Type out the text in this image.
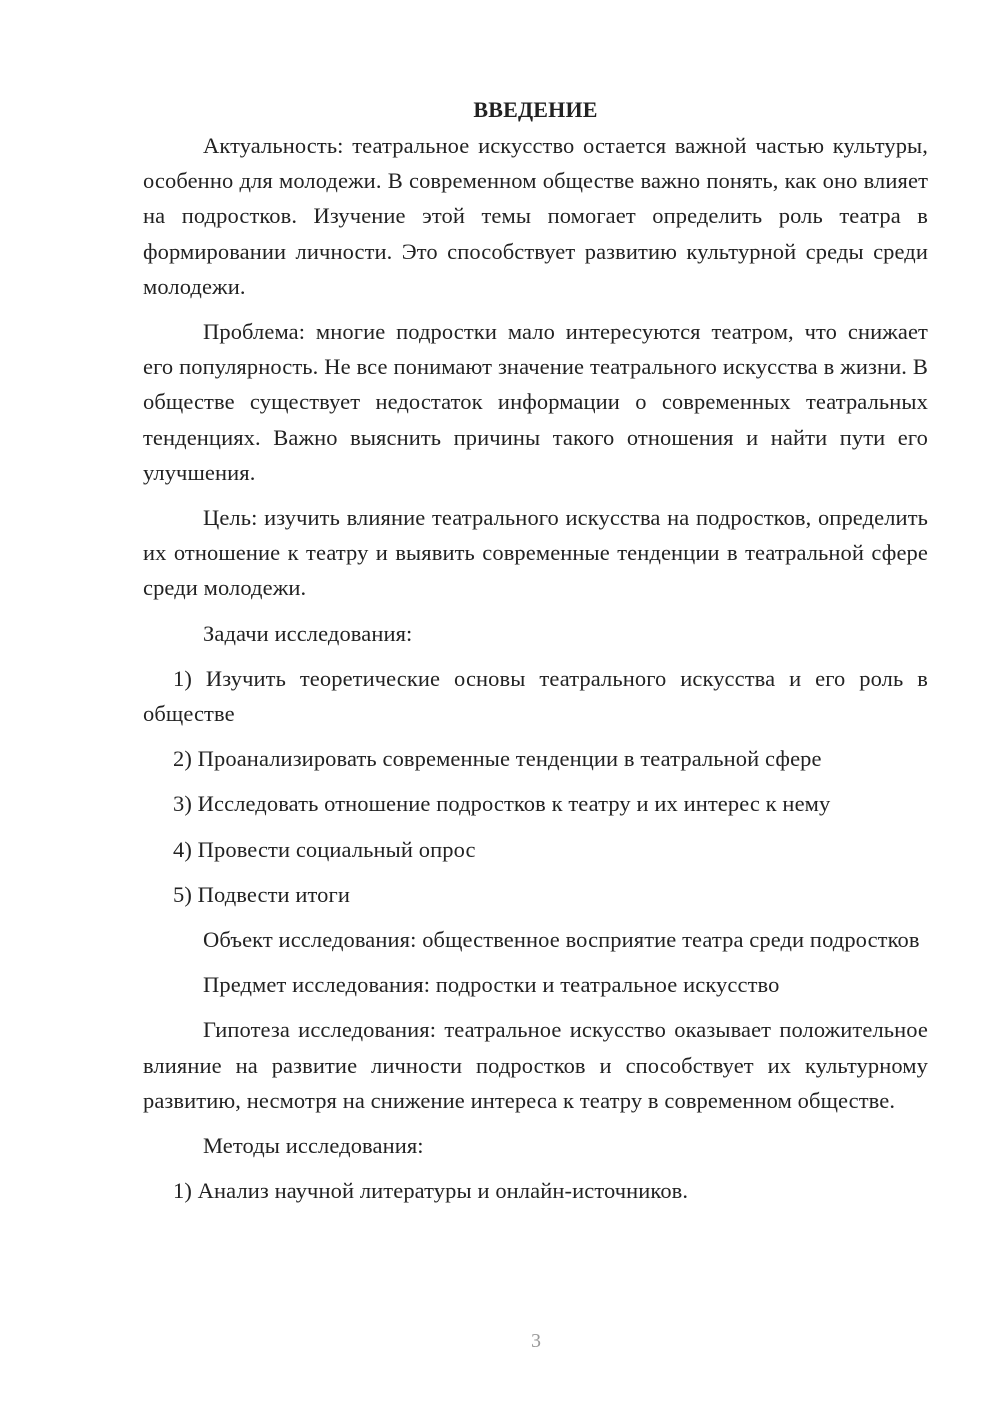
ВВЕДЕНИЕ

Актуальность: театральное искусство остается важной частью культуры, особенно для молодежи. В современном обществе важно понять, как оно влияет на подростков. Изучение этой темы помогает определить роль театра в формировании личности. Это способствует развитию культурной среды среди молодежи.

Проблема: многие подростки мало интересуются театром, что снижает его популярность. Не все понимают значение театрального искусства в жизни. В обществе существует недостаток информации о современных театральных тенденциях. Важно выяснить причины такого отношения и найти пути его улучшения.

Цель: изучить влияние театрального искусства на подростков, определить их отношение к театру и выявить современные тенденции в театральной сфере среди молодежи.

Задачи исследования:

1) Изучить теоретические основы театрального искусства и его роль в обществе

2) Проанализировать современные тенденции в театральной сфере

3) Исследовать отношение подростков к театру и их интерес к нему

4) Провести социальный опрос

5) Подвести итоги

Объект исследования: общественное восприятие театра среди подростков

Предмет исследования: подростки и театральное искусство

Гипотеза исследования: театральное искусство оказывает положительное влияние на развитие личности подростков и способствует их культурному развитию, несмотря на снижение интереса к театру в современном обществе.

Методы исследования:

1) Анализ научной литературы и онлайн-источников.

3
